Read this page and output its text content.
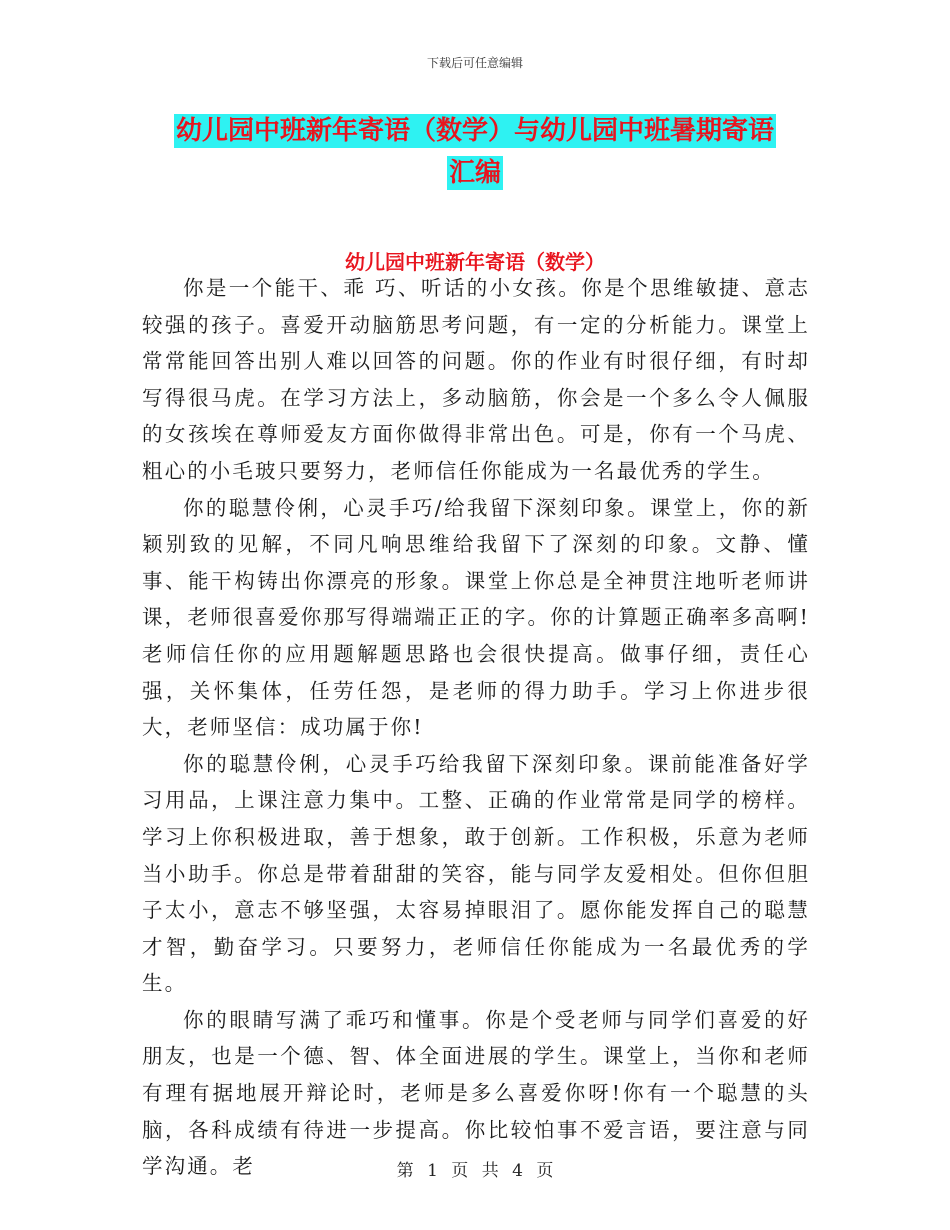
下载后可任意编辑
幼儿园中班新年寄语（数学）与幼儿园中班暑期寄语
汇编
幼儿园中班新年寄语（数学）

你是一个能干、乖 巧、听话的小女孩。你是个思维敏捷、意志较强的孩子。喜爱开动脑筋思考问题，有一定的分析能力。课堂上常常能回答出别人难以回答的问题。你的作业有时很仔细，有时却写得很马虎。在学习方法上，多动脑筋，你会是一个多么令人佩服的女孩埃在尊师爱友方面你做得非常出色。可是，你有一个马虎、粗心的小毛玻只要努力，老师信任你能成为一名最优秀的学生。

你的聪慧伶俐，心灵手巧/给我留下深刻印象。课堂上，你的新颖别致的见解，不同凡响思维给我留下了深刻的印象。文静、懂事、能干构铸出你漂亮的形象。课堂上你总是全神贯注地听老师讲课，老师很喜爱你那写得端端正正的字。你的计算题正确率多高啊!老师信任你的应用题解题思路也会很快提高。做事仔细，责任心强，关怀集体，任劳任怨，是老师的得力助手。学习上你进步很大，老师坚信：成功属于你!

你的聪慧伶俐，心灵手巧给我留下深刻印象。课前能准备好学习用品，上课注意力集中。工整、正确的作业常常是同学的榜样。学习上你积极进取，善于想象，敢于创新。工作积极，乐意为老师当小助手。你总是带着甜甜的笑容，能与同学友爱相处。但你但胆子太小，意志不够坚强，太容易掉眼泪了。愿你能发挥自己的聪慧才智，勤奋学习。只要努力，老师信任你能成为一名最优秀的学生。

你的眼睛写满了乖巧和懂事。你是个受老师与同学们喜爱的好朋友，也是一个德、智、体全面进展的学生。课堂上，当你和老师有理有据地展开辩论时，老师是多么喜爱你呀!你有一个聪慧的头脑，各科成绩有待进一步提高。你比较怕事不爱言语，要注意与同学沟通。老	第 1 页 共 4 页
